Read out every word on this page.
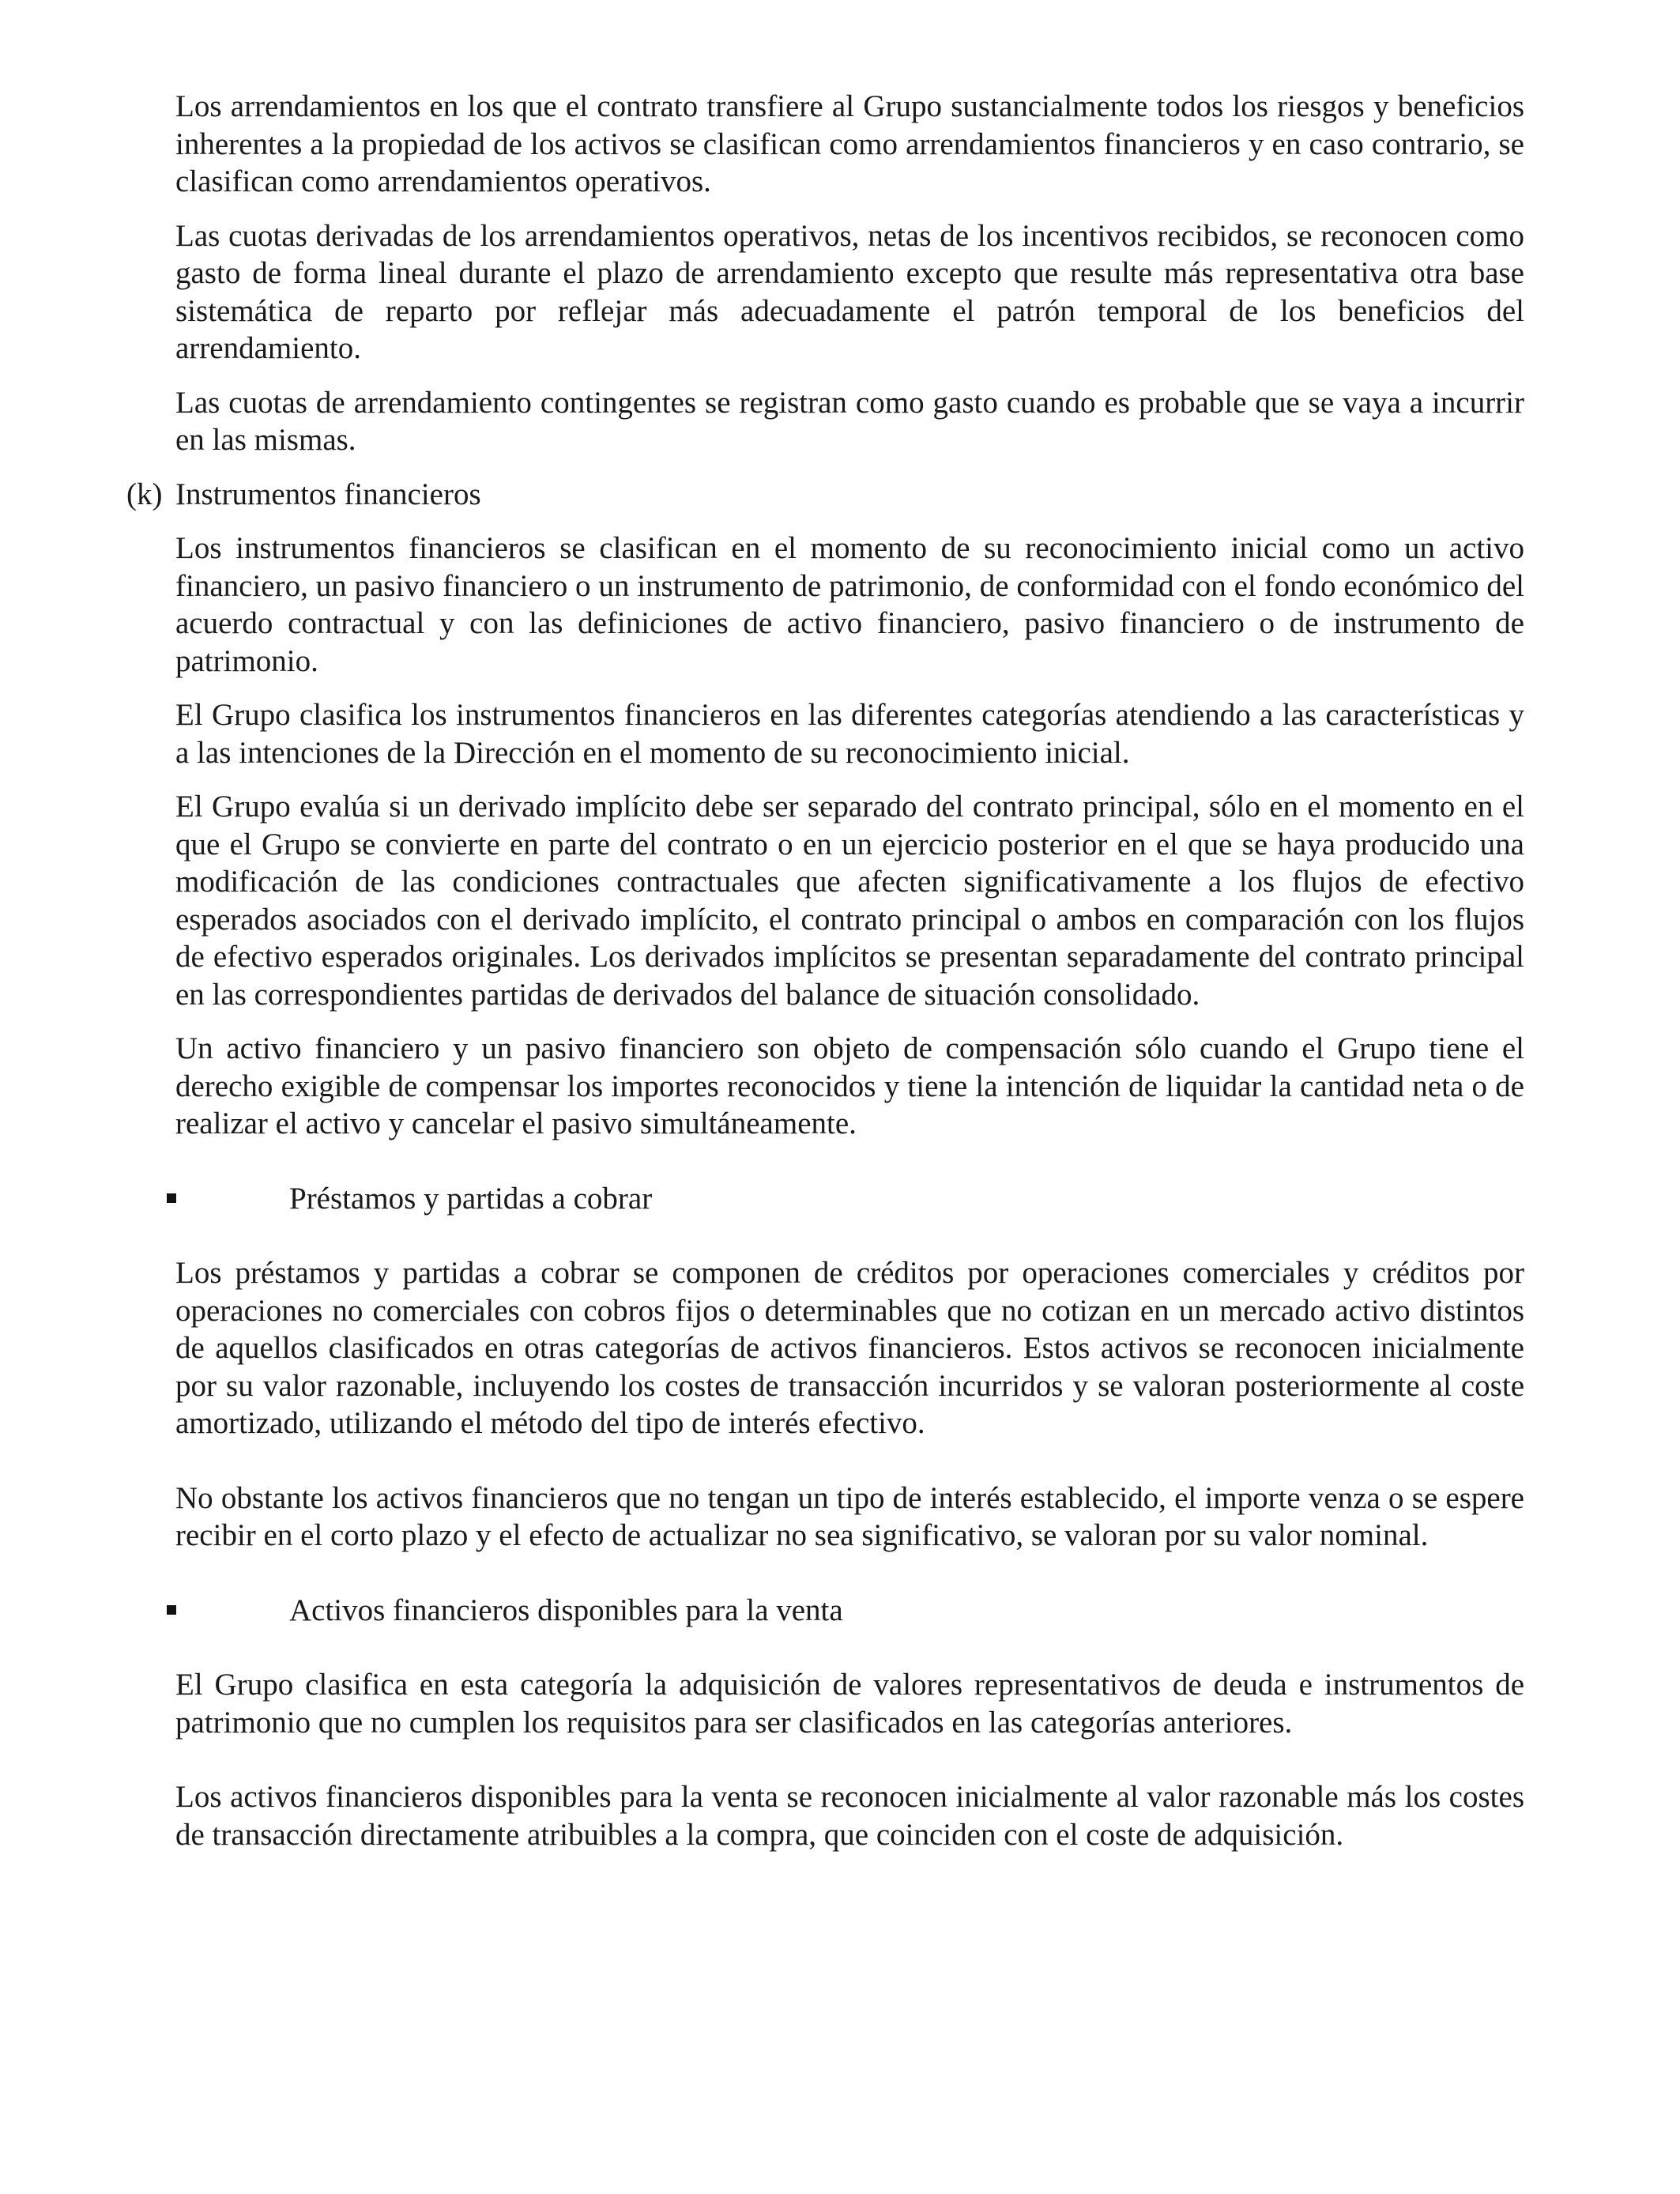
Los arrendamientos en los que el contrato transfiere al Grupo sustancialmente todos los riesgos y beneficios inherentes a la propiedad de los activos se clasifican como arrendamientos financieros y en caso contrario, se clasifican como arrendamientos operativos.

Las cuotas derivadas de los arrendamientos operativos, netas de los incentivos recibidos, se reconocen como gasto de forma lineal durante el plazo de arrendamiento excepto que resulte más representativa otra base sistemática de reparto por reflejar más adecuadamente el patrón temporal de los beneficios del arrendamiento.

Las cuotas de arrendamiento contingentes se registran como gasto cuando es probable que se vaya a incurrir en las mismas.

(k) Instrumentos financieros

Los instrumentos financieros se clasifican en el momento de su reconocimiento inicial como un activo financiero, un pasivo financiero o un instrumento de patrimonio, de conformidad con el fondo económico del acuerdo contractual y con las definiciones de activo financiero, pasivo financiero o de instrumento de patrimonio.

El Grupo clasifica los instrumentos financieros en las diferentes categorías atendiendo a las características y a las intenciones de la Dirección en el momento de su reconocimiento inicial.

El Grupo evalúa si un derivado implícito debe ser separado del contrato principal, sólo en el momento en el que el Grupo se convierte en parte del contrato o en un ejercicio posterior en el que se haya producido una modificación de las condiciones contractuales que afecten significativamente a los flujos de efectivo esperados asociados con el derivado implícito, el contrato principal o ambos en comparación con los flujos de efectivo esperados originales. Los derivados implícitos se presentan separadamente del contrato principal en las correspondientes partidas de derivados del balance de situación consolidado.

Un activo financiero y un pasivo financiero son objeto de compensación sólo cuando el Grupo tiene el derecho exigible de compensar los importes reconocidos y tiene la intención de liquidar la cantidad neta o de realizar el activo y cancelar el pasivo simultáneamente.

Préstamos y partidas a cobrar

Los préstamos y partidas a cobrar se componen de créditos por operaciones comerciales y créditos por operaciones no comerciales con cobros fijos o determinables que no cotizan en un mercado activo distintos de aquellos clasificados en otras categorías de activos financieros. Estos activos se reconocen inicialmente por su valor razonable, incluyendo los costes de transacción incurridos y se valoran posteriormente al coste amortizado, utilizando el método del tipo de interés efectivo.

No obstante los activos financieros que no tengan un tipo de interés establecido, el importe venza o se espere recibir en el corto plazo y el efecto de actualizar no sea significativo, se valoran por su valor nominal.

Activos financieros disponibles para la venta

El Grupo clasifica en esta categoría la adquisición de valores representativos de deuda e instrumentos de patrimonio que no cumplen los requisitos para ser clasificados en las categorías anteriores.

Los activos financieros disponibles para la venta se reconocen inicialmente al valor razonable más los costes de transacción directamente atribuibles a la compra, que coinciden con el coste de adquisición.
